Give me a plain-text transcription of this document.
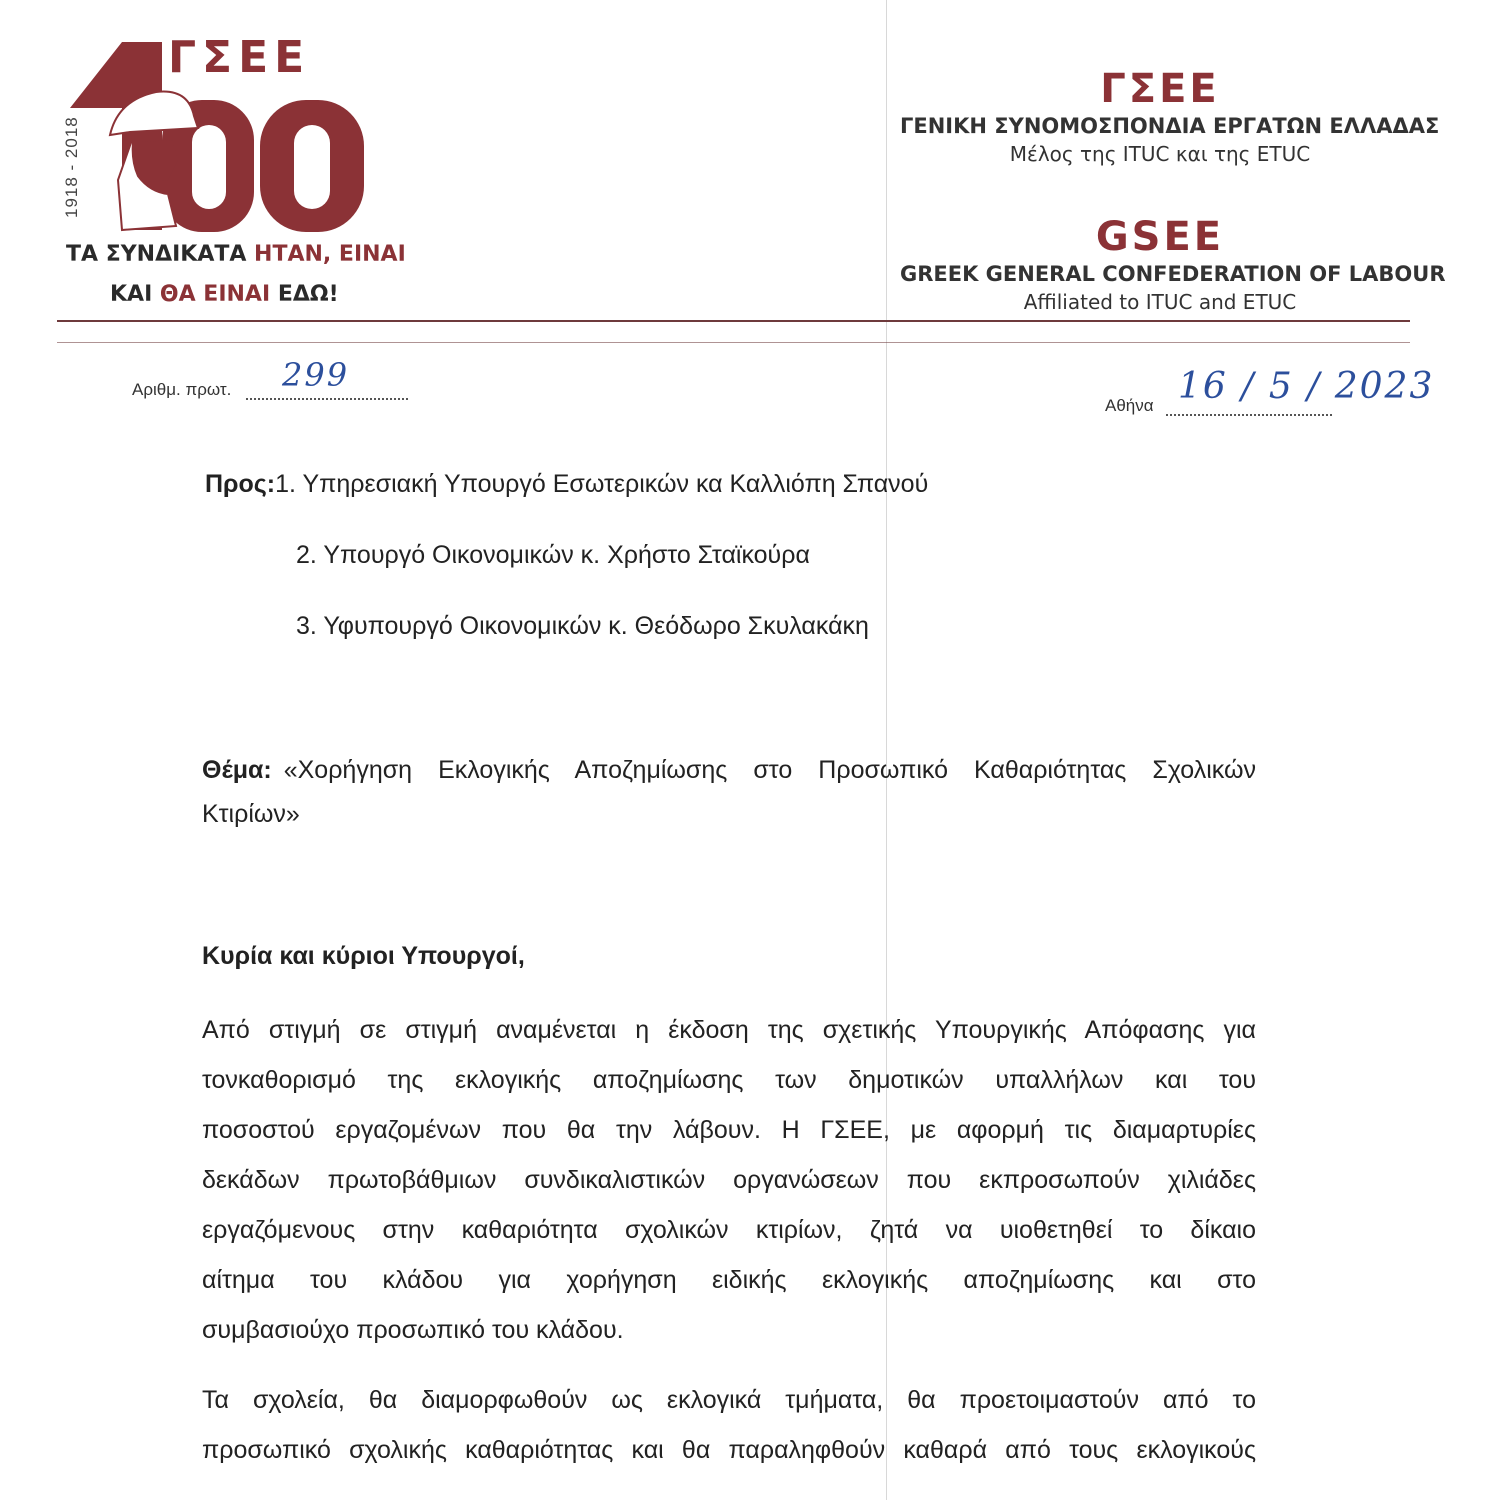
ΓΣΕΕ
1918 - 2018
ΤΑ ΣΥΝΔΙΚΑΤΑ ΗΤΑΝ, ΕΙΝΑΙ
ΚΑΙ ΘΑ ΕΙΝΑΙ ΕΔΩ!
ΓΣΕΕ
ΓΕΝΙΚΗ ΣΥΝΟΜΟΣΠΟΝΔΙΑ ΕΡΓΑΤΩΝ ΕΛΛΑΔΑΣ
Μέλος της ITUC και της ETUC
GSEE
GREEK GENERAL CONFEDERATION OF LABOUR
Affiliated to ITUC and ETUC
Αριθμ. πρωτ. 299
Αθήνα 16 / 5 / 2023
Προς:1. Υπηρεσιακή Υπουργό Εσωτερικών κα Καλλιόπη Σπανού
2. Υπουργό Οικονομικών κ. Χρήστο Σταϊκούρα
3. Υφυπουργό Οικονομικών κ. Θεόδωρο Σκυλακάκη
Θέμα: «Χορήγηση Εκλογικής Αποζημίωσης στο Προσωπικό Καθαριότητας Σχολικών
Κτιρίων»
Κυρία και κύριοι Υπουργοί,
Από στιγμή σε στιγμή αναμένεται η έκδοση της σχετικής Υπουργικής Απόφασης για
τονκαθορισμό της εκλογικής αποζημίωσης των δημοτικών υπαλλήλων και του
ποσοστού εργαζομένων που θα την λάβουν. Η ΓΣΕΕ, με αφορμή τις διαμαρτυρίες
δεκάδων πρωτοβάθμιων συνδικαλιστικών οργανώσεων που εκπροσωπούν χιλιάδες
εργαζόμενους στην καθαριότητα σχολικών κτιρίων, ζητά να υιοθετηθεί το δίκαιο
αίτημα του κλάδου για χορήγηση ειδικής εκλογικής αποζημίωσης και στο
συμβασιούχο προσωπικό του κλάδου.
Τα σχολεία, θα διαμορφωθούν ως εκλογικά τμήματα, θα προετοιμαστούν από το
προσωπικό σχολικής καθαριότητας και θα παραληφθούν καθαρά από τους εκλογικούς
